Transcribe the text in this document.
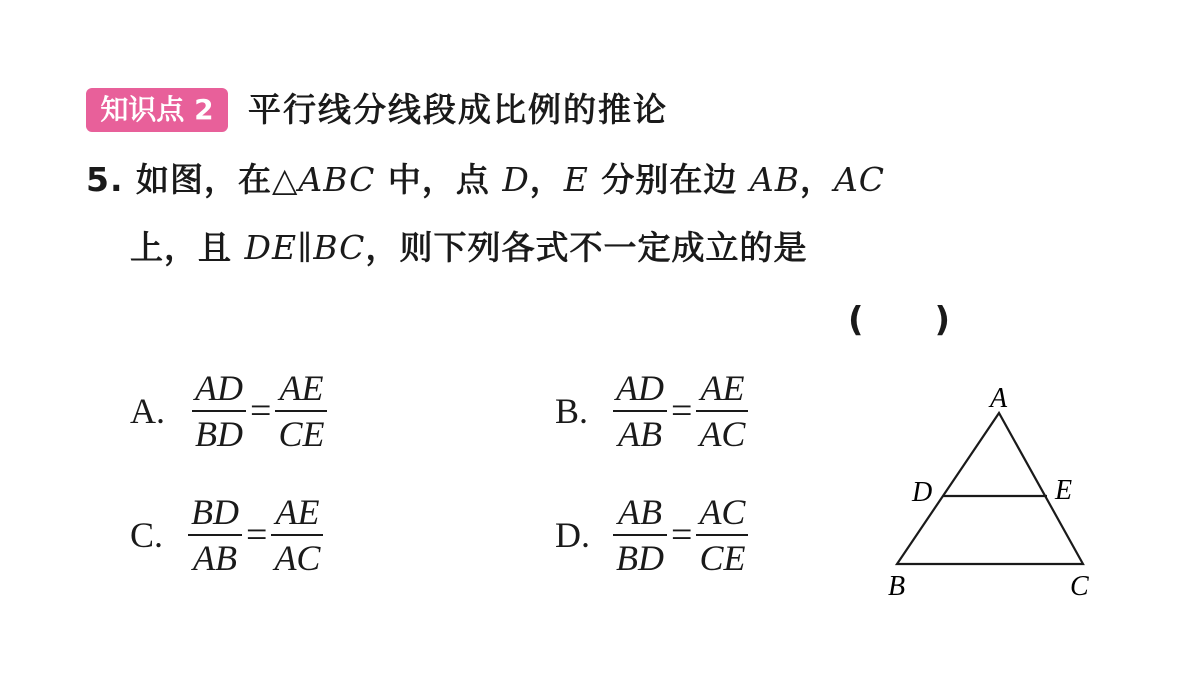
知识点 2	平行线分线段成比例的推论
5. 如图，在△ABC 中，点 D，E 分别在边 AB，AC
上，且 DE∥BC，则下列各式不一定成立的是
(      )
A. $\frac{AD}{BD} = \frac{AE}{CE}$	B. $\frac{AD}{AB} = \frac{AE}{AC}$
C. $\frac{BD}{AB} = \frac{AE}{AC}$	D. $\frac{AB}{BD} = \frac{AC}{CE}$
A
D	E
B	C
